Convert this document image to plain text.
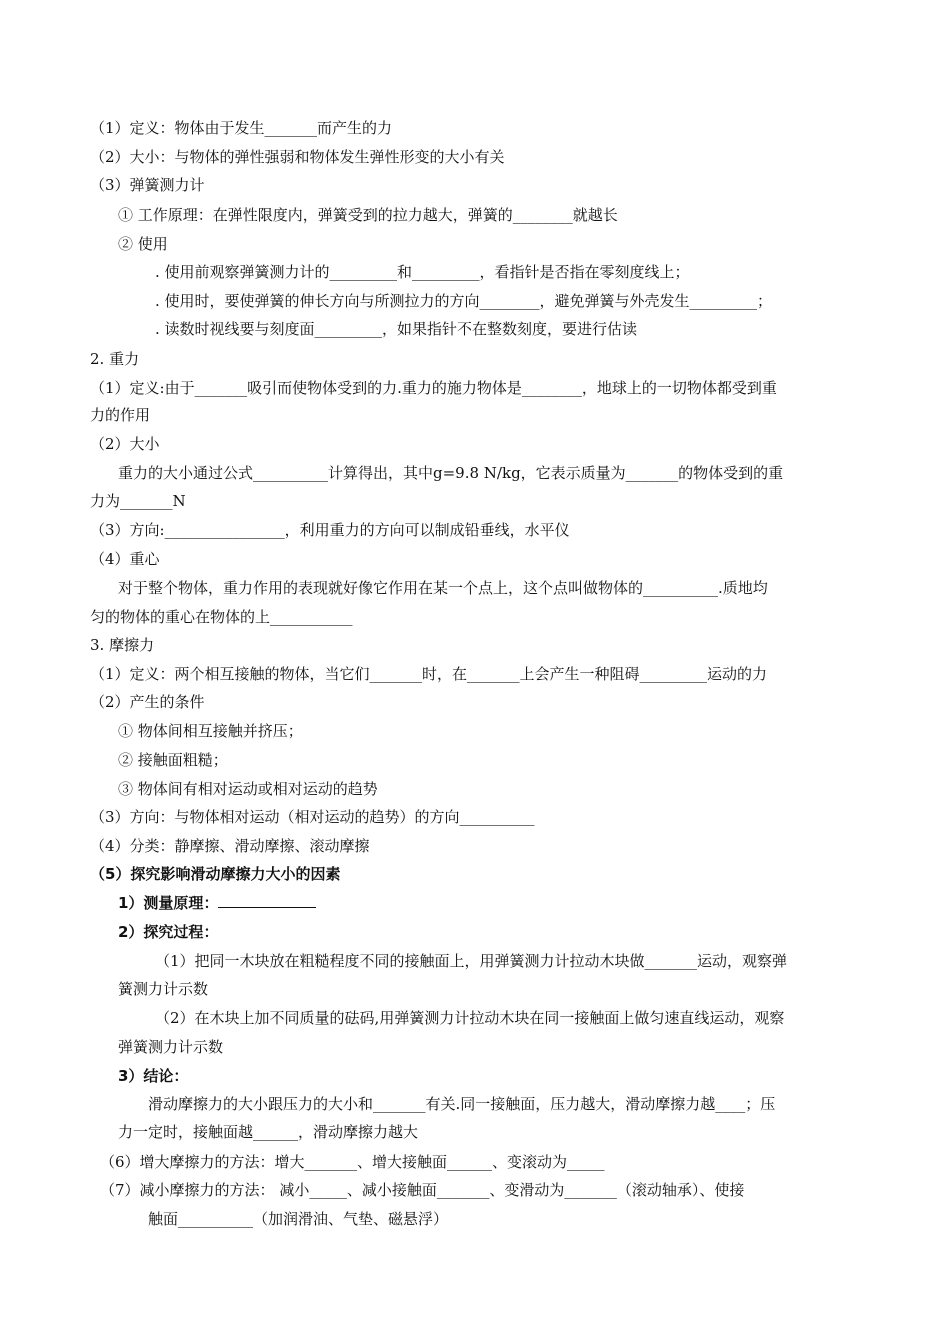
（1）定义：物体由于发生_______而产生的力
（2）大小：与物体的弹性强弱和物体发生弹性形变的大小有关
（3）弹簧测力计
① 工作原理：在弹性限度内，弹簧受到的拉力越大，弹簧的________就越长
② 使用
. 使用前观察弹簧测力计的_________和_________，看指针是否指在零刻度线上；
. 使用时，要使弹簧的伸长方向与所测拉力的方向________，避免弹簧与外壳发生_________；
. 读数时视线要与刻度面_________，如果指针不在整数刻度，要进行估读
2. 重力
（1）定义:由于_______吸引而使物体受到的力.重力的施力物体是________，地球上的一切物体都受到重
力的作用
（2）大小
重力的大小通过公式__________计算得出，其中g=9.8 N/kg，它表示质量为_______的物体受到的重
力为_______N
（3）方向:________________，利用重力的方向可以制成铅垂线，水平仪
（4）重心
对于整个物体，重力作用的表现就好像它作用在某一个点上，这个点叫做物体的__________.质地均
匀的物体的重心在物体的上___________
3. 摩擦力
（1）定义：两个相互接触的物体，当它们_______时，在_______上会产生一种阻碍_________运动的力
（2）产生的条件
① 物体间相互接触并挤压；
② 接触面粗糙；
③ 物体间有相对运动或相对运动的趋势
（3）方向：与物体相对运动（相对运动的趋势）的方向__________
（4）分类：静摩擦、滑动摩擦、滚动摩擦
（5）探究影响滑动摩擦力大小的因素
1）测量原理：
2）探究过程：
（1）把同一木块放在粗糙程度不同的接触面上，用弹簧测力计拉动木块做_______运动，观察弹
簧测力计示数
（2）在木块上加不同质量的砝码,用弹簧测力计拉动木块在同一接触面上做匀速直线运动，观察
弹簧测力计示数
3）结论：
滑动摩擦力的大小跟压力的大小和_______有关.同一接触面，压力越大，滑动摩擦力越____；压
力一定时，接触面越______，滑动摩擦力越大
（6）增大摩擦力的方法：增大_______、增大接触面______、变滚动为_____
（7）减小摩擦力的方法： 减小_____、减小接触面_______、变滑动为_______（滚动轴承）、使接
触面__________（加润滑油、气垫、磁悬浮）
